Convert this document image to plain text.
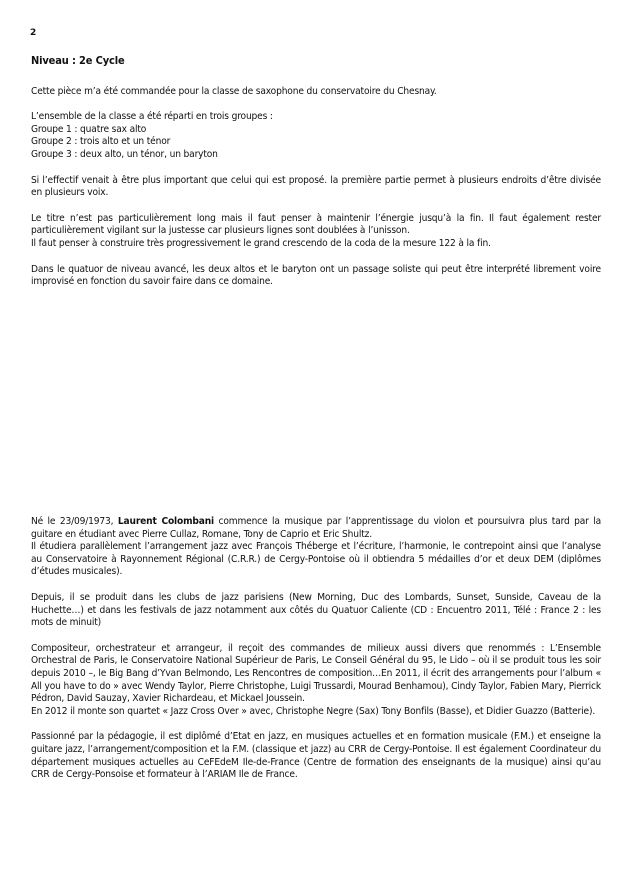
2

Niveau : 2e Cycle

Cette pièce m’a été commandée pour la classe de saxophone du conservatoire du Chesnay.

L’ensemble de la classe a été réparti en trois groupes :
Groupe 1 : quatre sax alto
Groupe 2 : trois alto et un ténor
Groupe 3 : deux alto, un ténor, un baryton

Si l’effectif venait à être plus important que celui qui est proposé. la première partie permet à plusieurs endroits d’être divisée en plusieurs voix.

Le titre n’est pas particulièrement long mais il faut penser à maintenir l’énergie jusqu’à la fin. Il faut également rester particulièrement vigilant sur la justesse car plusieurs lignes sont doublées à l’unisson.
Il faut penser à construire très progressivement le grand crescendo de la coda de la mesure 122 à la fin.

Dans le quatuor de niveau avancé, les deux altos et le baryton ont un passage soliste qui peut être interprété librement voire improvisé en fonction du savoir faire dans ce domaine.

Né le 23/09/1973, Laurent Colombani commence la musique par l’apprentissage du violon et poursuivra plus tard par la guitare en étudiant avec Pierre Cullaz, Romane, Tony de Caprio et Eric Shultz.
Il étudiera parallèlement l’arrangement jazz avec François Théberge et l’écriture, l’harmonie, le contrepoint ainsi que l’analyse au Conservatoire à Rayonnement Régional (C.R.R.) de Cergy-Pontoise où il obtiendra 5 médailles d’or et deux DEM (diplômes d’études musicales).

Depuis, il se produit dans les clubs de jazz parisiens (New Morning, Duc des Lombards, Sunset, Sunside, Caveau de la Huchette…) et dans les festivals de jazz notamment aux côtés du Quatuor Caliente (CD : Encuentro 2011, Télé : France 2 : les mots de minuit)

Compositeur, orchestrateur et arrangeur, il reçoit des commandes de milieux aussi divers que renommés : L’Ensemble Orchestral de Paris, le Conservatoire National Supérieur de Paris, Le Conseil Général du 95, le Lido – où il se produit tous les soir depuis 2010 –, le Big Bang d’Yvan Belmondo, Les Rencontres de composition…En 2011, il écrit des arrangements pour l’album « All you have to do » avec Wendy Taylor, Pierre Christophe, Luigi Trussardi, Mourad Benhamou), Cindy Taylor, Fabien Mary, Pierrick Pédron, David Sauzay, Xavier Richardeau, et Mickael Joussein.
En 2012 il monte son quartet « Jazz Cross Over » avec, Christophe Negre (Sax) Tony Bonfils (Basse), et Didier Guazzo (Batterie).

Passionné par la pédagogie, il est diplômé d’Etat en jazz, en musiques actuelles et en formation musicale (F.M.) et enseigne la guitare jazz, l’arrangement/composition et la F.M. (classique et jazz) au CRR de Cergy-Pontoise. Il est également Coordinateur du département musiques actuelles au CeFEdeM Ile-de-France (Centre de formation des enseignants de la musique) ainsi qu’au CRR de Cergy-Ponsoise et formateur à l’ARIAM Ile de France.
